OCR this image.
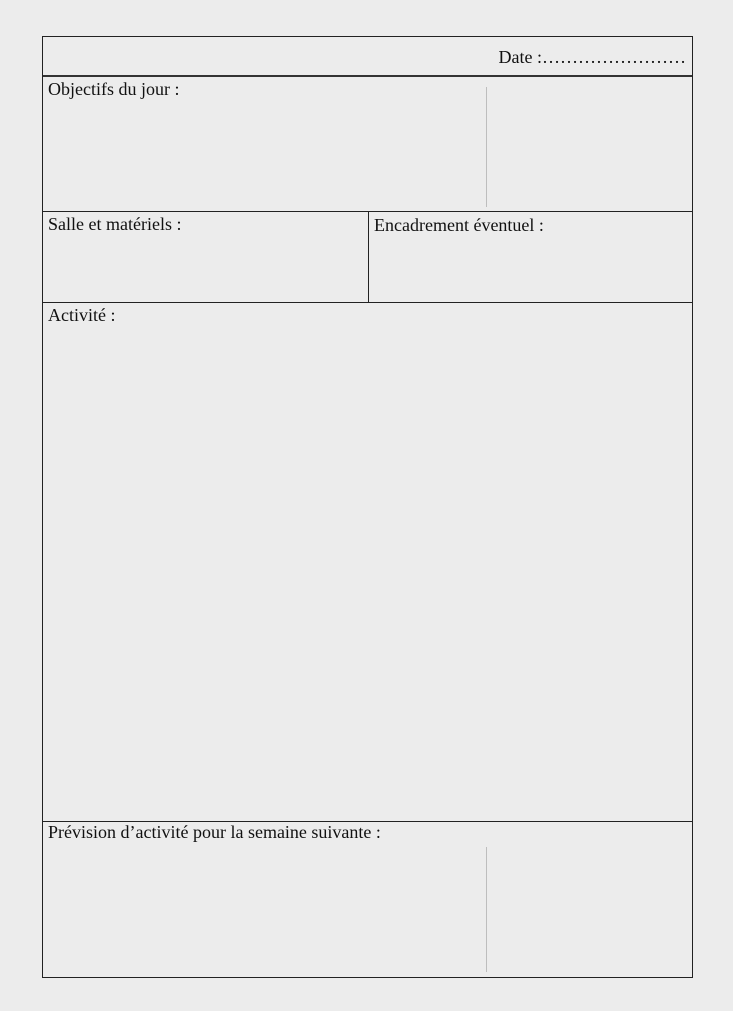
Date :……………………
Objectifs du jour :
Salle et matériels :	Encadrement éventuel :
Activité :
Prévision d’activité pour la semaine suivante :
